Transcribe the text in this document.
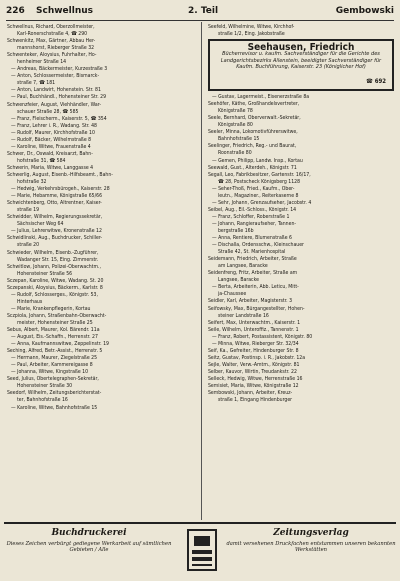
226 Schwellnus	2. Teil	Gembowski
Schwellnus, Richard, Oberzollmeister,
Karl-Ronerschstraße 4, ☎ 290
Schwenkitz, Max, Gärtner, Abbau Her-
mannshorst, Rieberger Straße 32
Schwenteker, Aloysius, Fuhrhalter, Ho-
henheimer Straße 14
— Andreas, Bäckermeister, Kurzestraße 3
— Anton, Schlossermeister, Bismarck-
straße 7, ☎ 181
— Anton, Landwirt, Hohenstein. Str. 81
— Paul, Buchhändl., Hohensteiner Str. 29
Schwenzfeier, August, Viehhändler, War-
schauer Straße 28, ☎ 585
— Franz, Fleischerm., Kaiserstr. 5, ☎ 354
— Franz, Lehrer i. R., Wadang. Str. 48
— Rudolf, Maurer, Kirchhofstraße 10
— Rudolf, Bäcker, Wilhelmstraße 8
— Karoline, Witwe, Frauenstraße 4
Schwer, Dr., Oswald, Kreisarzt, Bahn-
hofstraße 31, ☎ 584
Schwerin, Maria, Witwe, Langgasse 4
Schwerlig, August, Eisenb.-Hilfsbeamt., Bahn-
hofstraße 32
— Hedwig, Verkehrsbürogeh., Kaiserstr. 28
— Marie, Hebamme, Königstraße 65/66
Schwichtenberg, Otto, Altrentner, Kaiser-
straße 19
Schwidder, Wilhelm, Regierungssekretär,
Sächsischer Weg 64
— Julius, Lehrerwitwe, Kronenstraße 12
Schwidlinski, Aug., Buchdrucker, Schiller-
straße 20
Schwieder, Wilhelm, Eisenb.-Zugführer,
Wadanger Str. 15, Eing. Zimmerstr.
Schwitlow, Johann, Polizei-Oberwachtm.,
Hohensteiner Straße 56
Sczepan, Karoline, Witwe, Wadang. St. 20
Sczepanski, Aloysius, Bäckerm., Karlstr. 8
— Rudolf, Schlosserges., Königstr. 53,
Hinterhaus
— Marie, Krankenpflegerin, Kortau
Sczpiola, Johann, Straßenbahn-Oberwacht-
meister, Hohensteiner Straße 25
Sebus, Albert, Maurer, Kol. Bärendr. 11a
— August, Eis.-Schaffn., Herrenstr. 27
— Anna, Kaufmannswitwe, Zeppelinstr. 19
Seching, Alfred, Betr.-Assist., Herrenstr. 5
— Hermann, Maurer, Ziegelstraße 25
— Paul, Arbeiter, Kammereigasse 8
— Johanna, Witwe, Kingstraße 10
Seed, Julius, Obertelegraphen-Sekretär,
Hohensteiner Straße 30
Seedorf, Wilhelm, Zeitungsberichterstat-
ter, Bahnhofstraße 16
— Karoline, Witwe, Bahnhofstraße 15
Seefeld, Wilhelmine, Witwe, Kirchhof-
straße 1/2, Eing. Jakobstraße
Seehausen, Friedrich
Bücherrevisor u. kaufm. Sachverständiger für die Gerichte des Landgerichtsbezirks Allenstein, beeidigter Sachverständiger für Kaufm. Buchführung, Kaiserstr. 23 (Königlicher Hof)
☎ 692
— Gustav, Lagermeist., Eisenerzstraße 8a
Seehöfer, Käthe, Großhandelsvertreter,
Königstraße 78
Seele, Bernhard, Oberverwalt.-Sekretär,
Königstraße 80
Seeler, Minna, Lokomotivführerswitwe,
Bahnhofstraße 15
Seelinger, Friedrich, Reg.- und Baurat,
Roonstraße 80
— Gemen, Philipp, Landw. Insp., Kortau
Seewald, Gust., Alterdeh., Königstr. 71
Segall, Leo, Fabrikbesitzer, Gartenstr. 16/17,
☎ 28, Postscheck Königsberg 1128
— Seher-Thoß, Fried., Kaufm., Ober-
leutn., Magaziner., Reiterkaserne 8
— Sehr, Johann, Grenzaufseher, Jacobstr. 4
Seibel, Aug., Eil.-Schloss., Königstr. 14
— Franz, Schloffer, Roberstraße 1
— Johann, Rangieraufseher, Tannen-
bergstraße 16b
— Anna, Rentiere, Blumenstraße 6
— Dischalla, Ordensschw., Kleinschauer
Straße 42, St. Marienhospital
Seidemann, Friedrich, Arbeiter, Straße
am Langsee, Baracke
Seidenfreng, Fritz, Arbeiter, Straße am
Langsee, Baracke
— Berta, Arbeiterin, Abb. Leticu, Mitt-
ja-Chaussee
Seidler, Karl, Arbeiter, Magisterstr. 3
Seifowsky, Max, Bürgangestellter, Hohen-
steiner Landstraße 16
Seifert, Max, Unterwachtm., Kaiserstr. 1
Seile, Wilhelm, Unteroffiz., Tannenstr. 1
— Franz, Robert, Postassistent, Königstr. 80
— Minna, Witwe, Rieberger Str. 32/34
Seif, Ka., Gefreiter, Hindenburger Str. 8
Seitz, Gustav, Postinsp. i. R., Jakobstr. 12a
Sejle, Walter, Verw.-Amtm., Königstr. 81
Selber, Kauvor, Wirtin, Treudankstr. 22
Selleck, Hedwig, Witwe, Herrenstraße 16
Semisiet, Maria, Witwe, Königstraße 12
Sembowski, Johann, Arbeiter, Kreuz-
straße 1, Eingang Hindenburger
Buchdruckerei
Dieses Zeichen verbürgt gediegene Werkarbeit auf sämtlichen Gebieten / Alle
Zeitungsverlag
damit versehenen Druckfachen entstammen unseren bekannten Werkstätten
